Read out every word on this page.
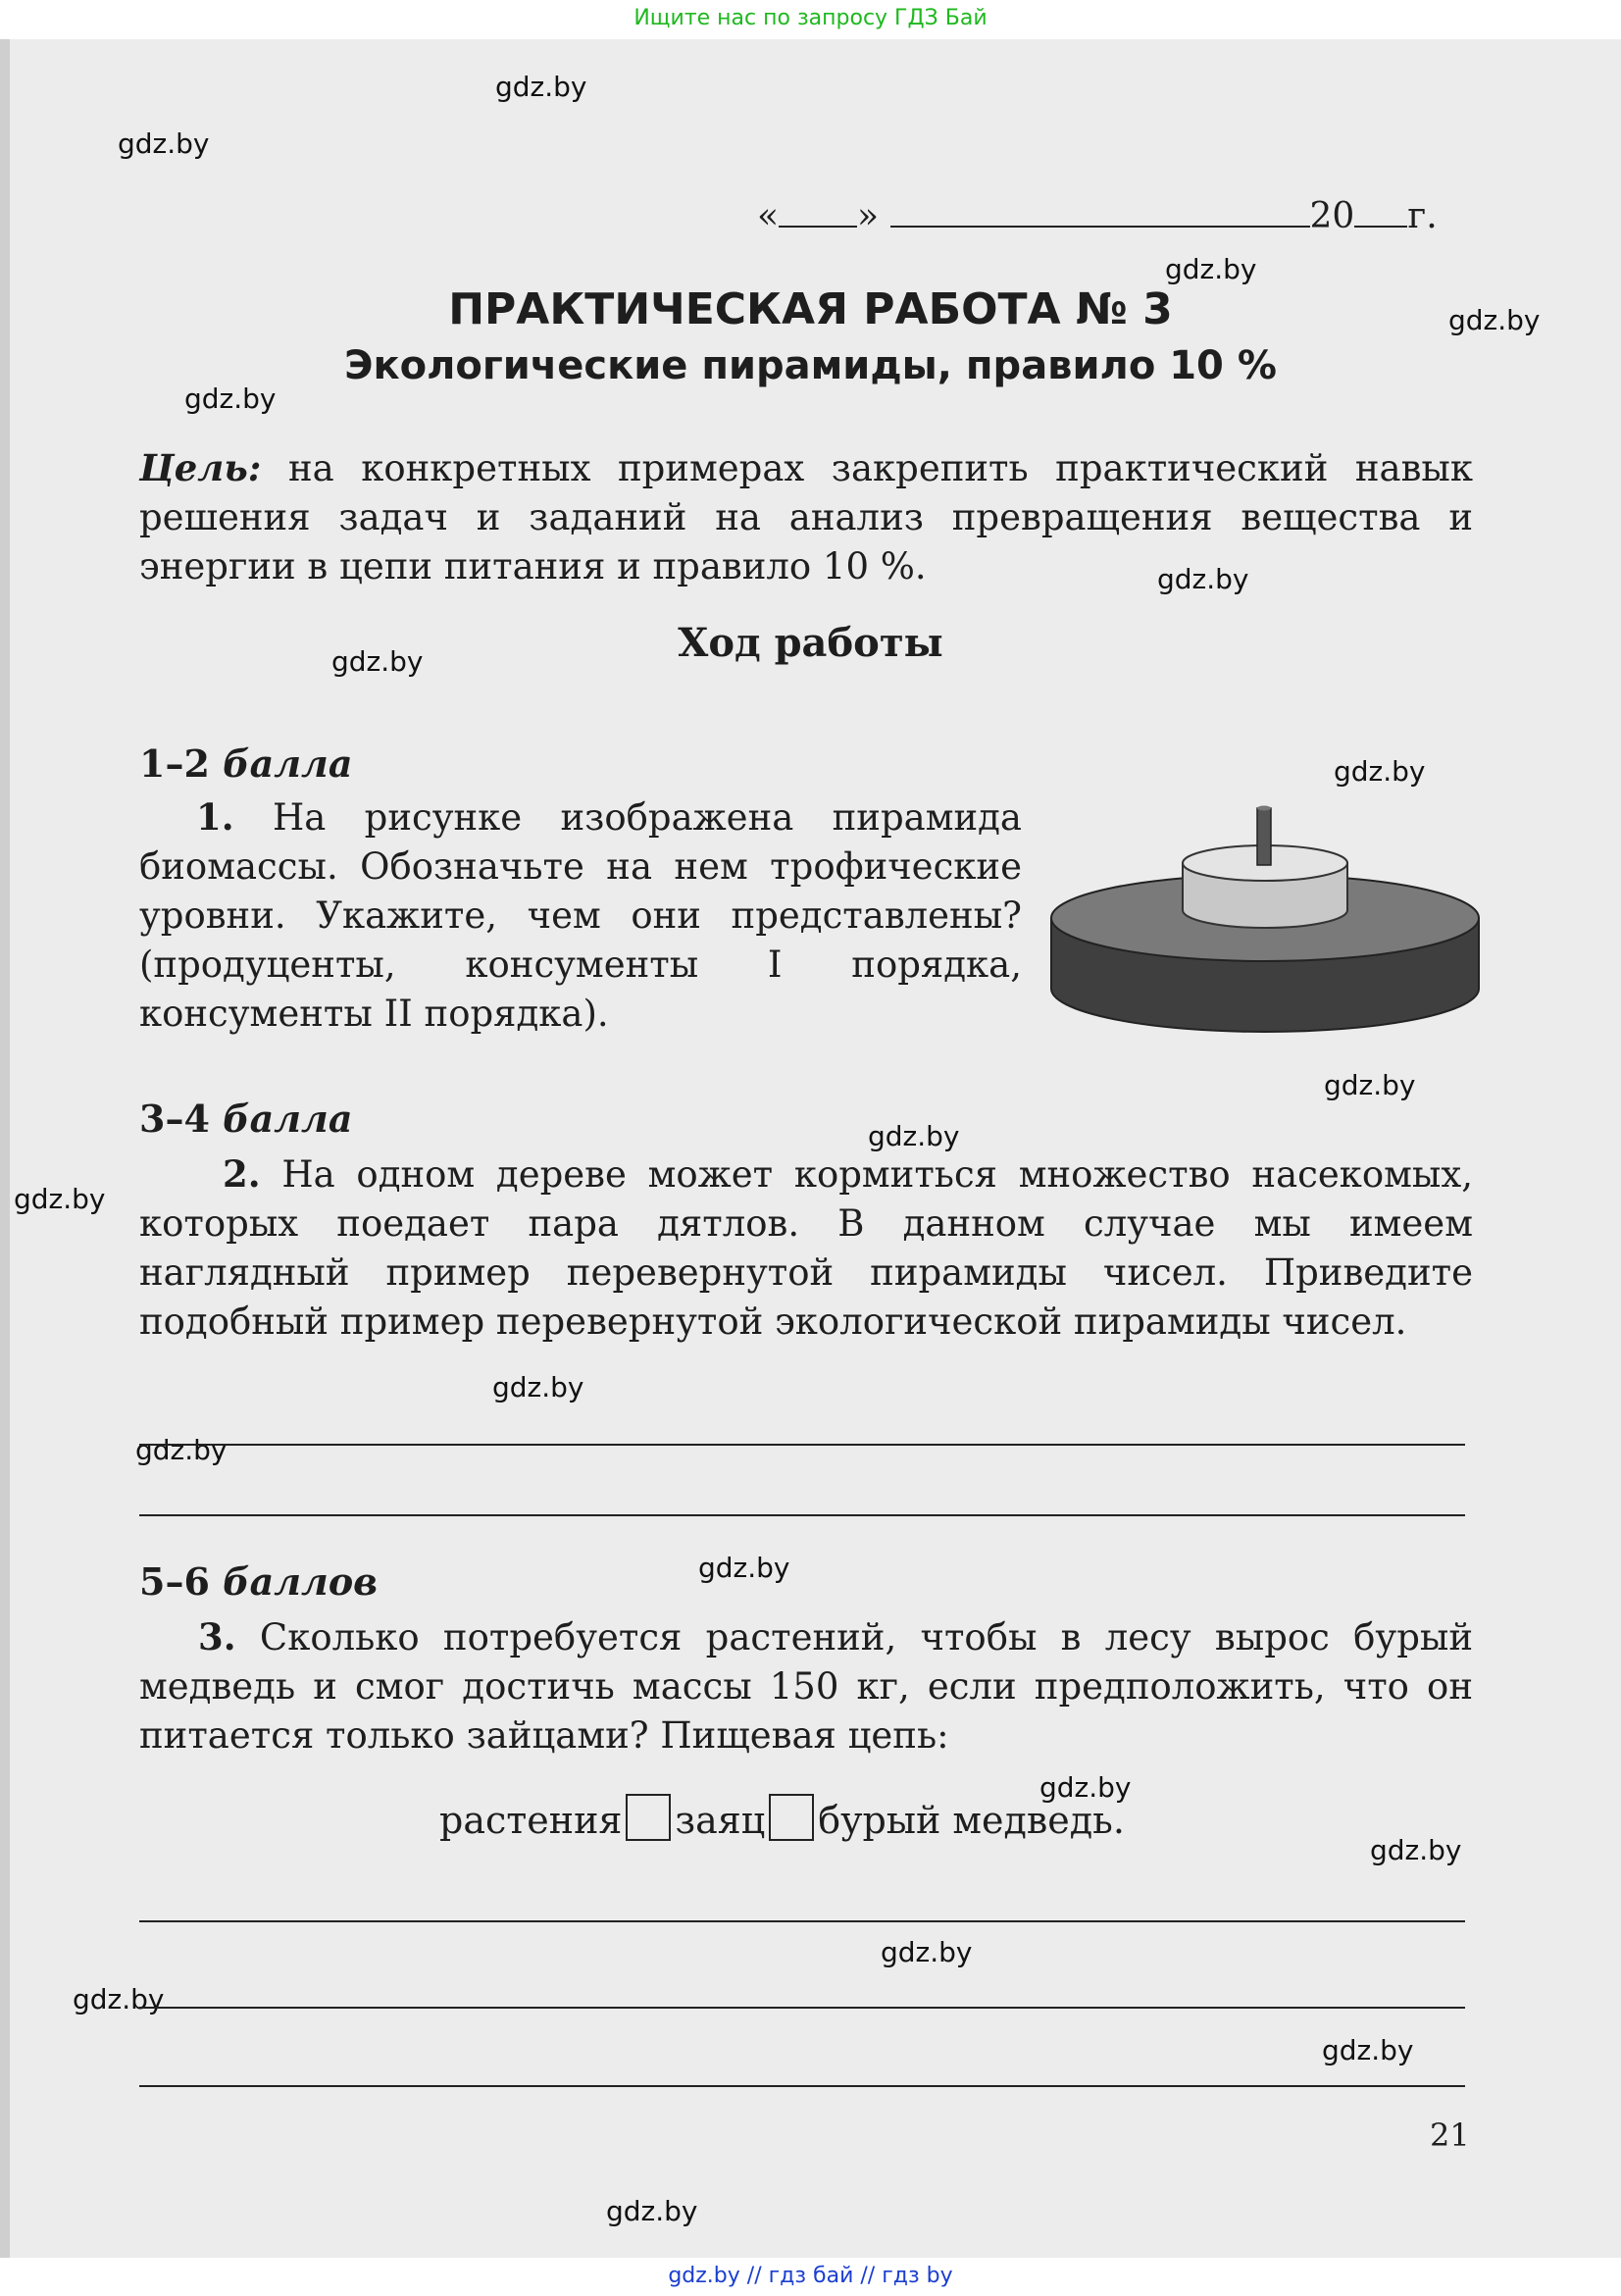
Ищите нас по запросу ГДЗ Бай
gdz.by
gdz.by
gdz.by
gdz.by
gdz.by
gdz.by
gdz.by
gdz.by
gdz.by
gdz.by
gdz.by
gdz.by
gdz.by
gdz.by
gdz.by
gdz.by
gdz.by
gdz.by
gdz.by
gdz.by
« »	20 г.
ПРАКТИЧЕСКАЯ РАБОТА № 3
Экологические пирамиды, правило 10 %
Цель: на конкретных примерах закрепить практический навык решения задач и заданий на анализ превращения вещества и энергии в цепи питания и правило 10 %.
Ход работы
1–2 балла
1. На рисунке изображена пирамида биомассы. Обозначьте на нем трофические уровни. Укажите, чем они представлены? (продуценты, консументы I порядка, консументы II порядка).
3–4 балла
2. На одном дереве может кормиться множество насекомых, которых поедает пара дятлов. В данном случае мы имеем наглядный пример перевернутой пирамиды чисел. Приведите подобный пример перевернутой экологической пирамиды чисел.
5–6 баллов
3. Сколько потребуется растений, чтобы в лесу вырос бурый медведь и смог достичь массы 150 кг, если предположить, что он питается только зайцами? Пищевая цепь:
растения заяц бурый медведь.
21
gdz.by // гдз бай // гдз by
